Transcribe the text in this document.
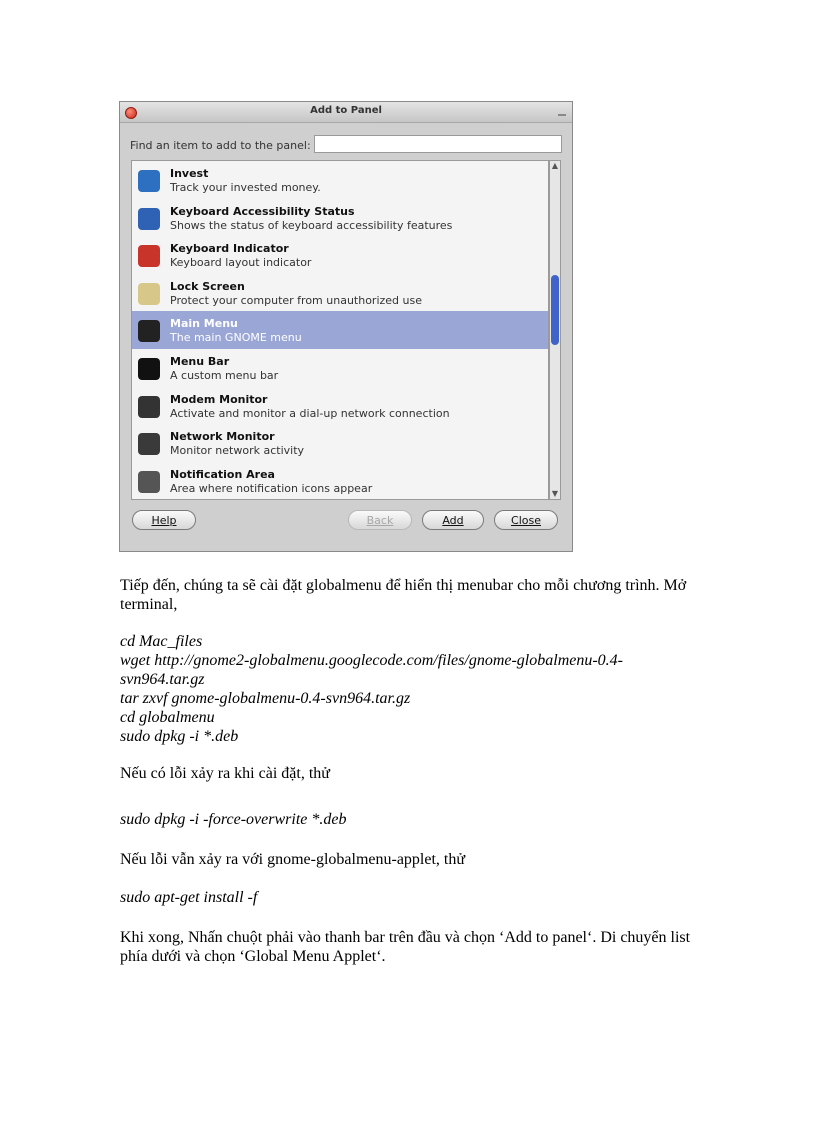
Add to Panel
Find an item to add to the panel:
Invest
Track your invested money.
Keyboard Accessibility Status
Shows the status of keyboard accessibility features
Keyboard Indicator
Keyboard layout indicator
Lock Screen
Protect your computer from unauthorized use
Main Menu
The main GNOME menu
Menu Bar
A custom menu bar
Modem Monitor
Activate and monitor a dial-up network connection
Network Monitor
Monitor network activity
Notification Area
Area where notification icons appear
▲
▼
Help	Back	Add	Close

Tiếp đến, chúng ta sẽ cài đặt globalmenu để hiển thị menubar cho mỗi chương trình. Mở terminal,

cd Mac_files
wget http://gnome2-globalmenu.googlecode.com/files/gnome-globalmenu-0.4-
svn964.tar.gz
tar zxvf gnome-globalmenu-0.4-svn964.tar.gz
cd globalmenu
sudo dpkg -i *.deb

Nếu có lỗi xảy ra khi cài đặt, thử

sudo dpkg -i -force-overwrite *.deb

Nếu lỗi vẫn xảy ra với gnome-globalmenu-applet, thử

sudo apt-get install -f

Khi xong, Nhấn chuột phải vào thanh bar trên đầu và chọn ‘Add to panel‘. Di chuyển list phía dưới và chọn ‘Global Menu Applet‘.
